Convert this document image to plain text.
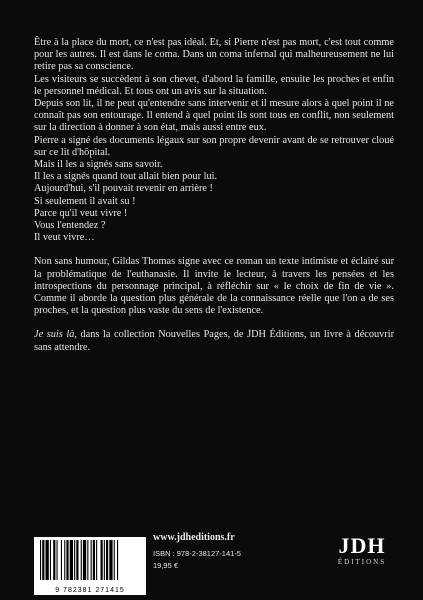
Être à la place du mort, ce n'est pas idéal. Et, si Pierre n'est pas mort, c'est tout comme pour les autres. Il est dans le coma. Dans un coma infernal qui malheureusement ne lui retire pas sa conscience.

Les visiteurs se succèdent à son chevet, d'abord la famille, ensuite les proches et enfin le personnel médical. Et tous ont un avis sur la situation.

Depuis son lit, il ne peut qu'entendre sans intervenir et il mesure alors à quel point il ne connaît pas son entourage. Il entend à quel point ils sont tous en conflit, non seulement sur la direction à donner à son état, mais aussi entre eux.

Pierre a signé des documents légaux sur son propre devenir avant de se retrouver cloué sur ce lit d'hôpital.

Mais il les a signés sans savoir.

Il les a signés quand tout allait bien pour lui.

Aujourd'hui, s'il pouvait revenir en arrière !

Si seulement il avait su !

Parce qu'il veut vivre !

Vous l'entendez ?

Il veut vivre…

Non sans humour, Gildas Thomas signe avec ce roman un texte intimiste et éclairé sur la problématique de l'euthanasie. Il invite le lecteur, à travers les pensées et les introspections du personnage principal, à réfléchir sur « le choix de fin de vie ». Comme il aborde la question plus générale de la connaissance réelle que l'on a de ses proches, et la question plus vaste du sens de l'existence.

Je suis là, dans la collection Nouvelles Pages, de JDH Éditions, un livre à découvrir sans attendre.

9 782381 271415
www.jdheditions.fr
ISBN : 978-2-38127-141-5
19,95 €
JDH
ÉDITIONS
